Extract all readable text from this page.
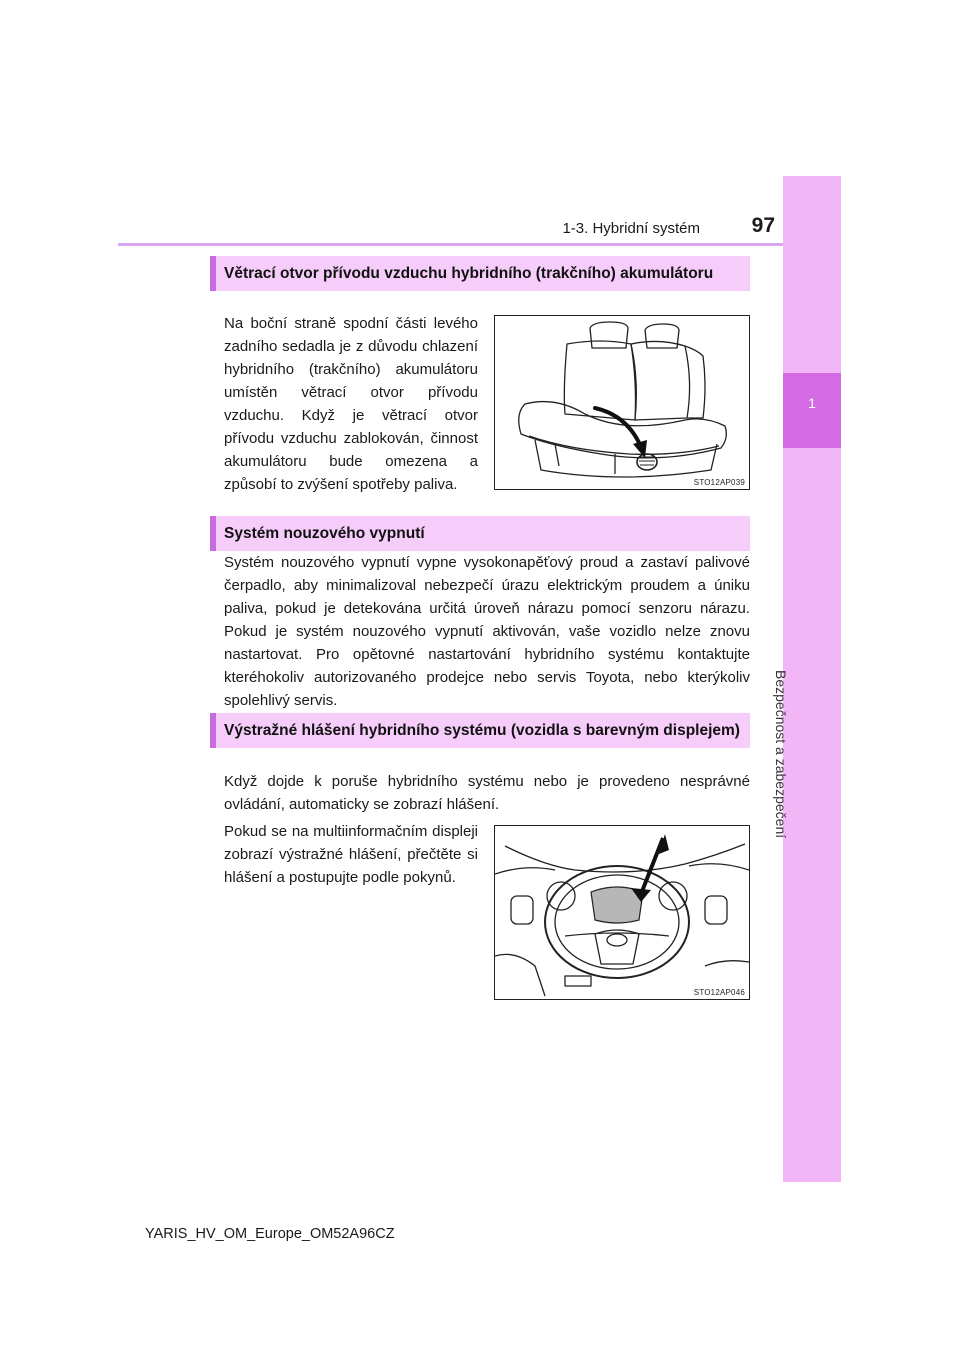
1-3. Hybridní systém	97
1
Bezpečnost a zabezpečení
Větrací otvor přívodu vzduchu hybridního (trakčního) akumulátoru
Na boční straně spodní části levého zadního sedadla je z důvodu chlazení hybridního (trakčního) akumulátoru umístěn větrací otvor přívodu vzduchu. Když je větrací otvor přívodu vzduchu zablokován, činnost akumulátoru bude omezena a způsobí to zvýšení spotřeby paliva.	STO12AP039
Systém nouzového vypnutí
Systém nouzového vypnutí vypne vysokonapěťový proud a zastaví palivové čerpadlo, aby minimalizoval nebezpečí úrazu elektrickým proudem a úniku paliva, pokud je detekována určitá úroveň nárazu pomocí senzoru nárazu. Pokud je systém nouzového vypnutí aktivován, vaše vozidlo nelze znovu nastartovat. Pro opětovné nastartování hybridního systému kontaktujte kteréhokoliv autorizovaného prodejce nebo servis Toyota, nebo kterýkoliv spolehlivý servis.
Výstražné hlášení hybridního systému (vozidla s barevným displejem)
Když dojde k poruše hybridního systému nebo je provedeno nesprávné ovládání, automaticky se zobrazí hlášení.
Pokud se na multiinformačním displeji zobrazí výstražné hlášení, přečtěte si hlášení a postupujte podle pokynů.
STO12AP046
YARIS_HV_OM_Europe_OM52A96CZ
